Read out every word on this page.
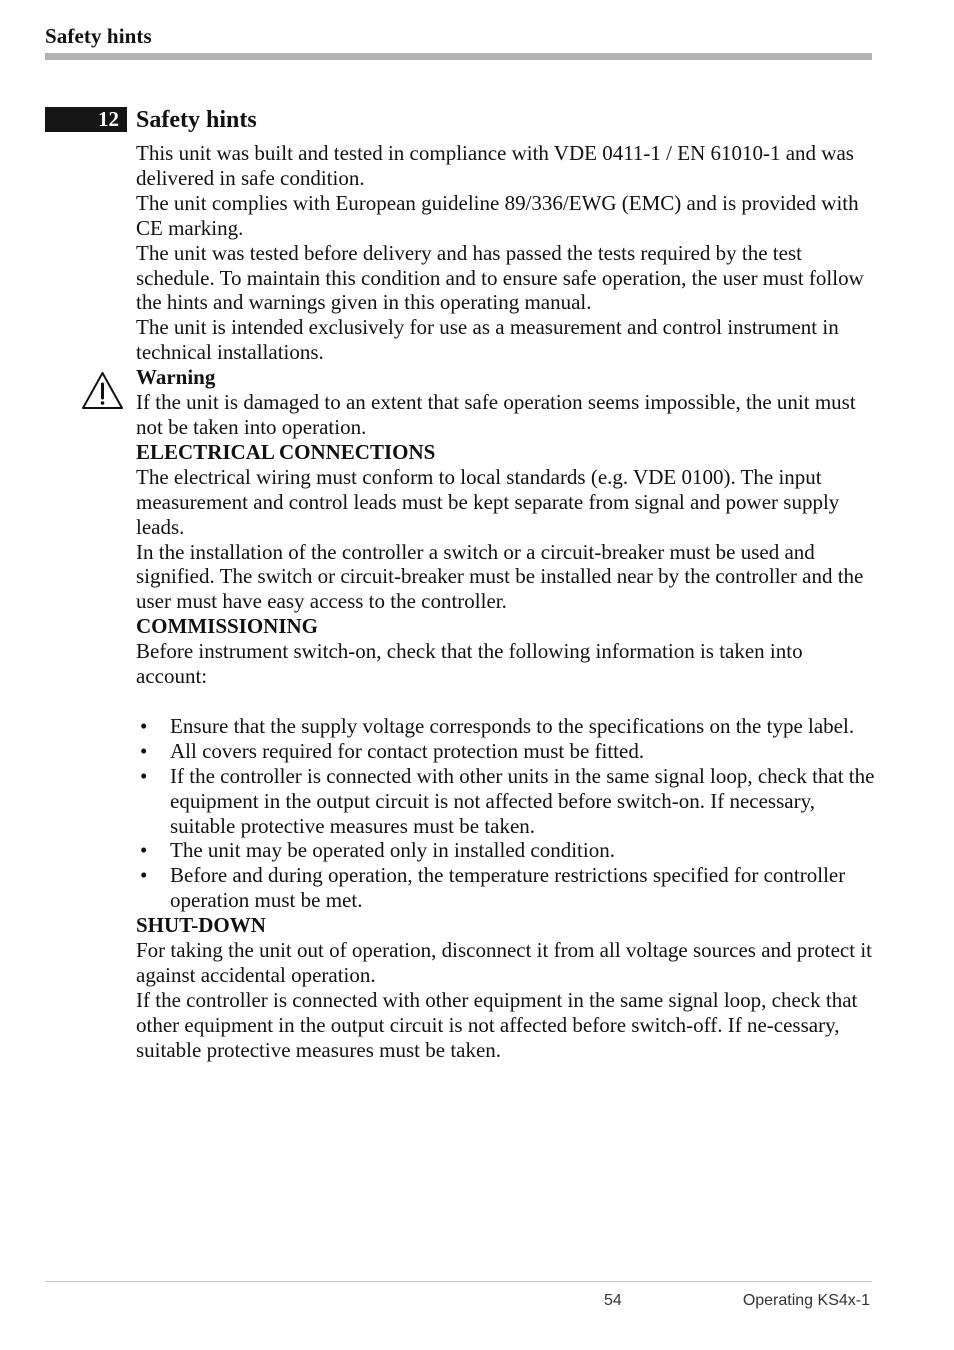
Safety hints
12 Safety hints

This unit was built and tested in compliance with VDE 0411-1 / EN 61010-1 and was delivered in safe condition.

The unit complies with European guideline 89/336/EWG (EMC) and is provided with CE marking.

The unit was tested before delivery and has passed the tests required by the test schedule. To maintain this condition and to ensure safe operation, the user must follow the hints and warnings given in this operating manual.

The unit is intended exclusively for use as a measurement and control instrument in technical installations.

Warning

If the unit is damaged to an extent that safe operation seems impossible, the unit must not be taken into operation.

ELECTRICAL CONNECTIONS

The electrical wiring must conform to local standards (e.g. VDE 0100). The input measurement and control leads must be kept separate from signal and power supply leads.

In the installation of the controller a switch or a circuit-breaker must be used and signified. The switch or circuit-breaker must be installed near by the controller and the user must have easy access to the controller.

COMMISSIONING

Before instrument switch-on, check that the following information is taken into account:

• Ensure that the supply voltage corresponds to the specifications on the type label.
• All covers required for contact protection must be fitted.
• If the controller is connected with other units in the same signal loop, check that the equipment in the output circuit is not affected before switch-on. If necessary, suitable protective measures must be taken.
• The unit may be operated only in installed condition.
• Before and during operation, the temperature restrictions specified for controller operation must be met.

SHUT-DOWN

For taking the unit out of operation, disconnect it from all voltage sources and protect it against accidental operation.

If the controller is connected with other equipment in the same signal loop, check that other equipment in the output circuit is not affected before switch-off. If ne-cessary, suitable protective measures must be taken.

54	Operating KS4x-1
